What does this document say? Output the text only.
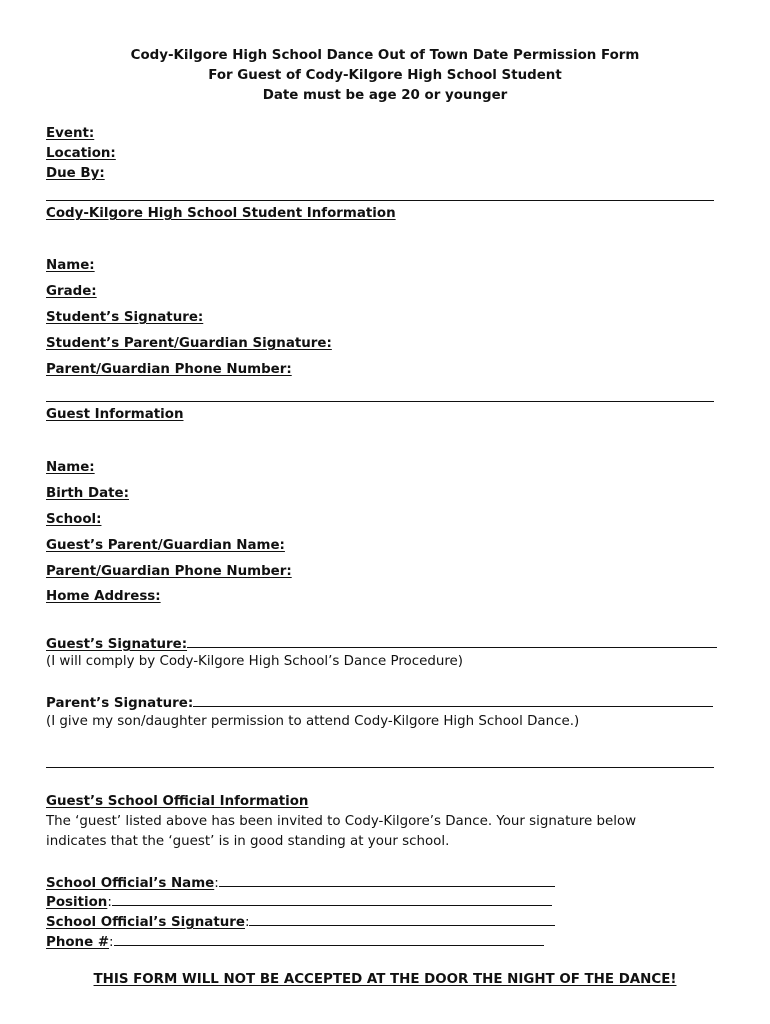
Cody-Kilgore High School Dance Out of Town Date Permission Form
For Guest of Cody-Kilgore High School Student
Date must be age 20 or younger
Event:
Location:
Due By:
Cody-Kilgore High School Student Information
Name:
Grade:
Student’s Signature:
Student’s Parent/Guardian Signature:
Parent/Guardian Phone Number:
Guest Information
Name:
Birth Date:
School:
Guest’s Parent/Guardian Name:
Parent/Guardian Phone Number:
Home Address:
Guest’s Signature:
(I will comply by Cody-Kilgore High School’s Dance Procedure)
Parent’s Signature:
(I give my son/daughter permission to attend Cody-Kilgore High School Dance.)
Guest’s School Official Information
The ‘guest’ listed above has been invited to Cody-Kilgore’s Dance. Your signature below
indicates that the ‘guest’ is in good standing at your school.
School Official’s Name:
Position:
School Official’s Signature:
Phone #:
THIS FORM WILL NOT BE ACCEPTED AT THE DOOR THE NIGHT OF THE DANCE!
